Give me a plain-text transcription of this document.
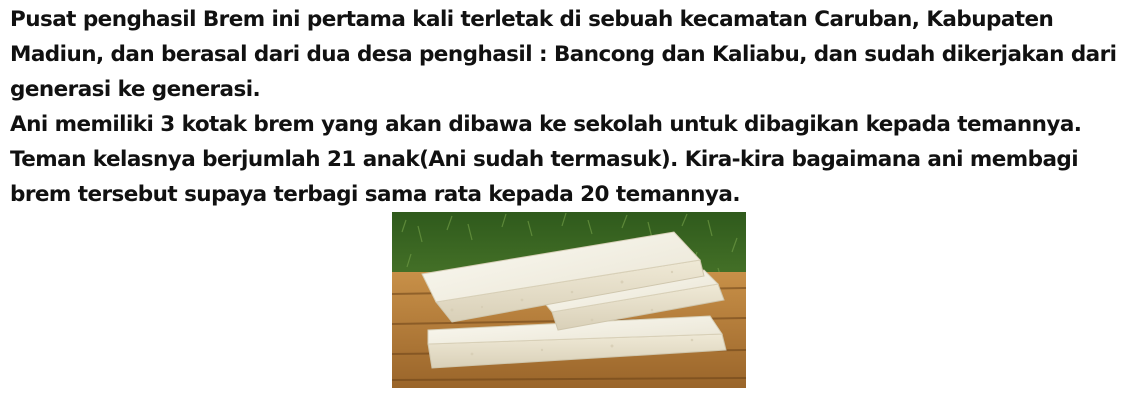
Pusat penghasil Brem ini pertama kali terletak di sebuah kecamatan Caruban, Kabupaten Madiun, dan berasal dari dua desa penghasil : Bancong dan Kaliabu, dan sudah dikerjakan dari generasi ke generasi.

Ani memiliki 3 kotak brem yang akan dibawa ke sekolah untuk dibagikan kepada temannya. Teman kelasnya berjumlah 21 anak(Ani sudah termasuk). Kira-kira bagaimana ani membagi brem tersebut supaya terbagi sama rata kepada 20 temannya.
